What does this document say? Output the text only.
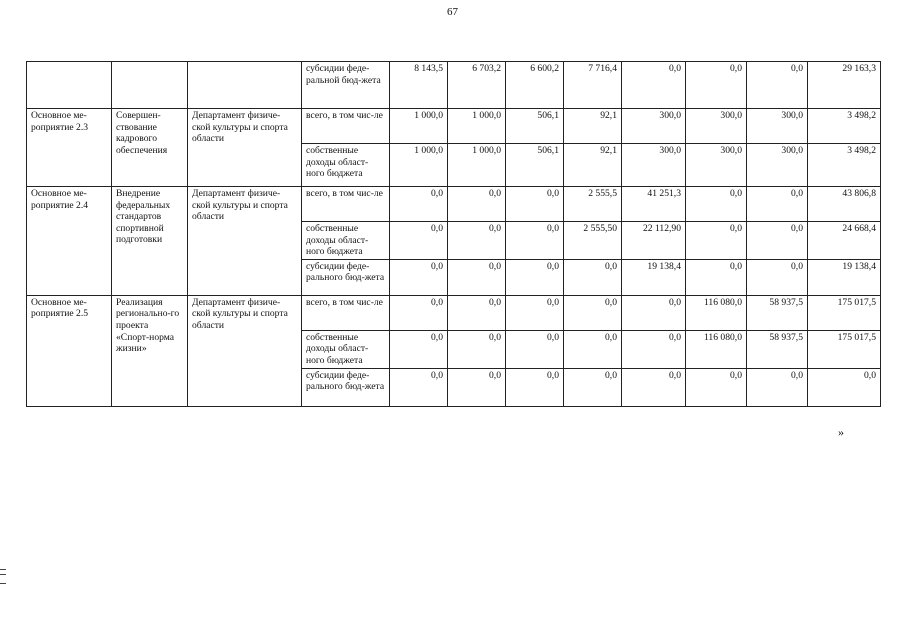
67
			субсидии феде-ральной бюд-жета	8 143,5	6 703,2	6 600,2	7 716,4	0,0	0,0	0,0	29 163,3
Основное ме-роприятие 2.3	Совершен-ствование кадрового обеспечения	Департамент физиче-ской культуры и спорта области	всего, в том чис-ле	1 000,0	1 000,0	506,1	92,1	300,0	300,0	300,0	3 498,2
			собственные доходы област-ного бюджета	1 000,0	1 000,0	506,1	92,1	300,0	300,0	300,0	3 498,2
Основное ме-роприятие 2.4	Внедрение федеральных стандартов спортивной подготовки	Департамент физиче-ской культуры и спорта области	всего, в том чис-ле	0,0	0,0	0,0	2 555,5	41 251,3	0,0	0,0	43 806,8
			собственные доходы област-ного бюджета	0,0	0,0	0,0	2 555,50	22 112,90	0,0	0,0	24 668,4
			субсидии феде-рального бюд-жета	0,0	0,0	0,0	0,0	19 138,4	0,0	0,0	19 138,4
Основное ме-роприятие 2.5	Реализация регионально-го проекта «Спорт-норма жизни»	Департамент физиче-ской культуры и спорта области	всего, в том чис-ле	0,0	0,0	0,0	0,0	0,0	116 080,0	58 937,5	175 017,5
			собственные доходы област-ного бюджета	0,0	0,0	0,0	0,0	0,0	116 080,0	58 937,5	175 017,5
			субсидии феде-рального бюд-жета	0,0	0,0	0,0	0,0	0,0	0,0	0,0	0,0
»
